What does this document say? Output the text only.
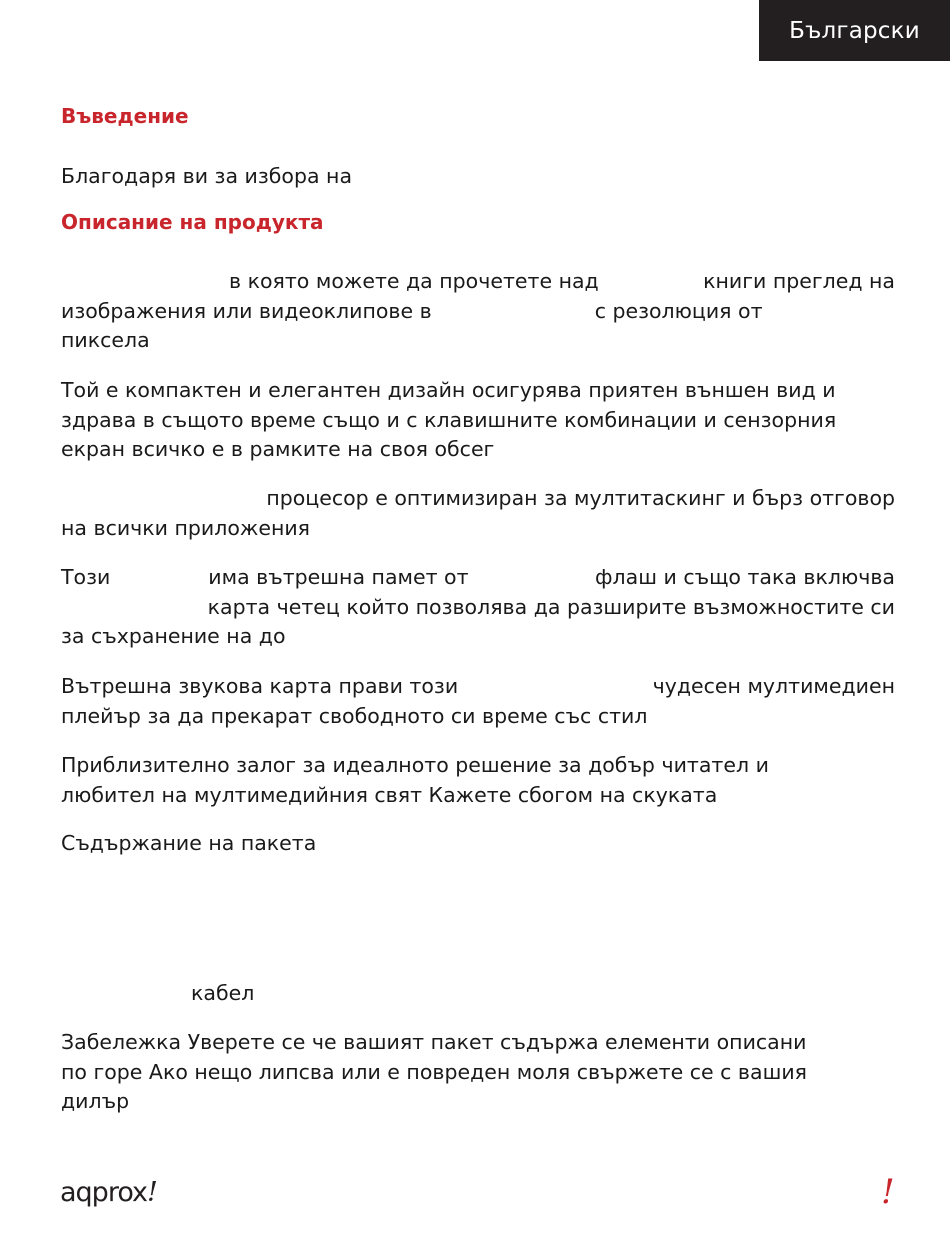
Български
Въведение

Благодаря ви за избора на

Описание на продукта
в която можете да прочетете над	книги преглед на
изображения или видеоклипове в	с резолюция от
пиксела
Той е компактен и елегантен дизайн осигурява приятен външен вид и
здрава в същото време също и с клавишните комбинации и сензорния
екран всичко е в рамките на своя обсег
процесор е оптимизиран за мултитаскинг и бърз отговор
на всички приложения
Този	има вътрешна памет от	флаш и също така включва
карта четец който позволява да разширите възможностите си
за съхранение на до
Вътрешна звукова карта прави този	чудесен мултимедиен
плейър за да прекарат свободното си време със стил
Приблизително залог за идеалното решение за добър читател и
любител на мултимедийния свят Кажете сбогом на скуката

Съдържание на пакета

кабел

Забележка Уверете се че вашият пакет съдържа елементи описани
по горе Ако нещо липсва или е повреден моля свържете се с вашия
дилър
aqprox!	!
